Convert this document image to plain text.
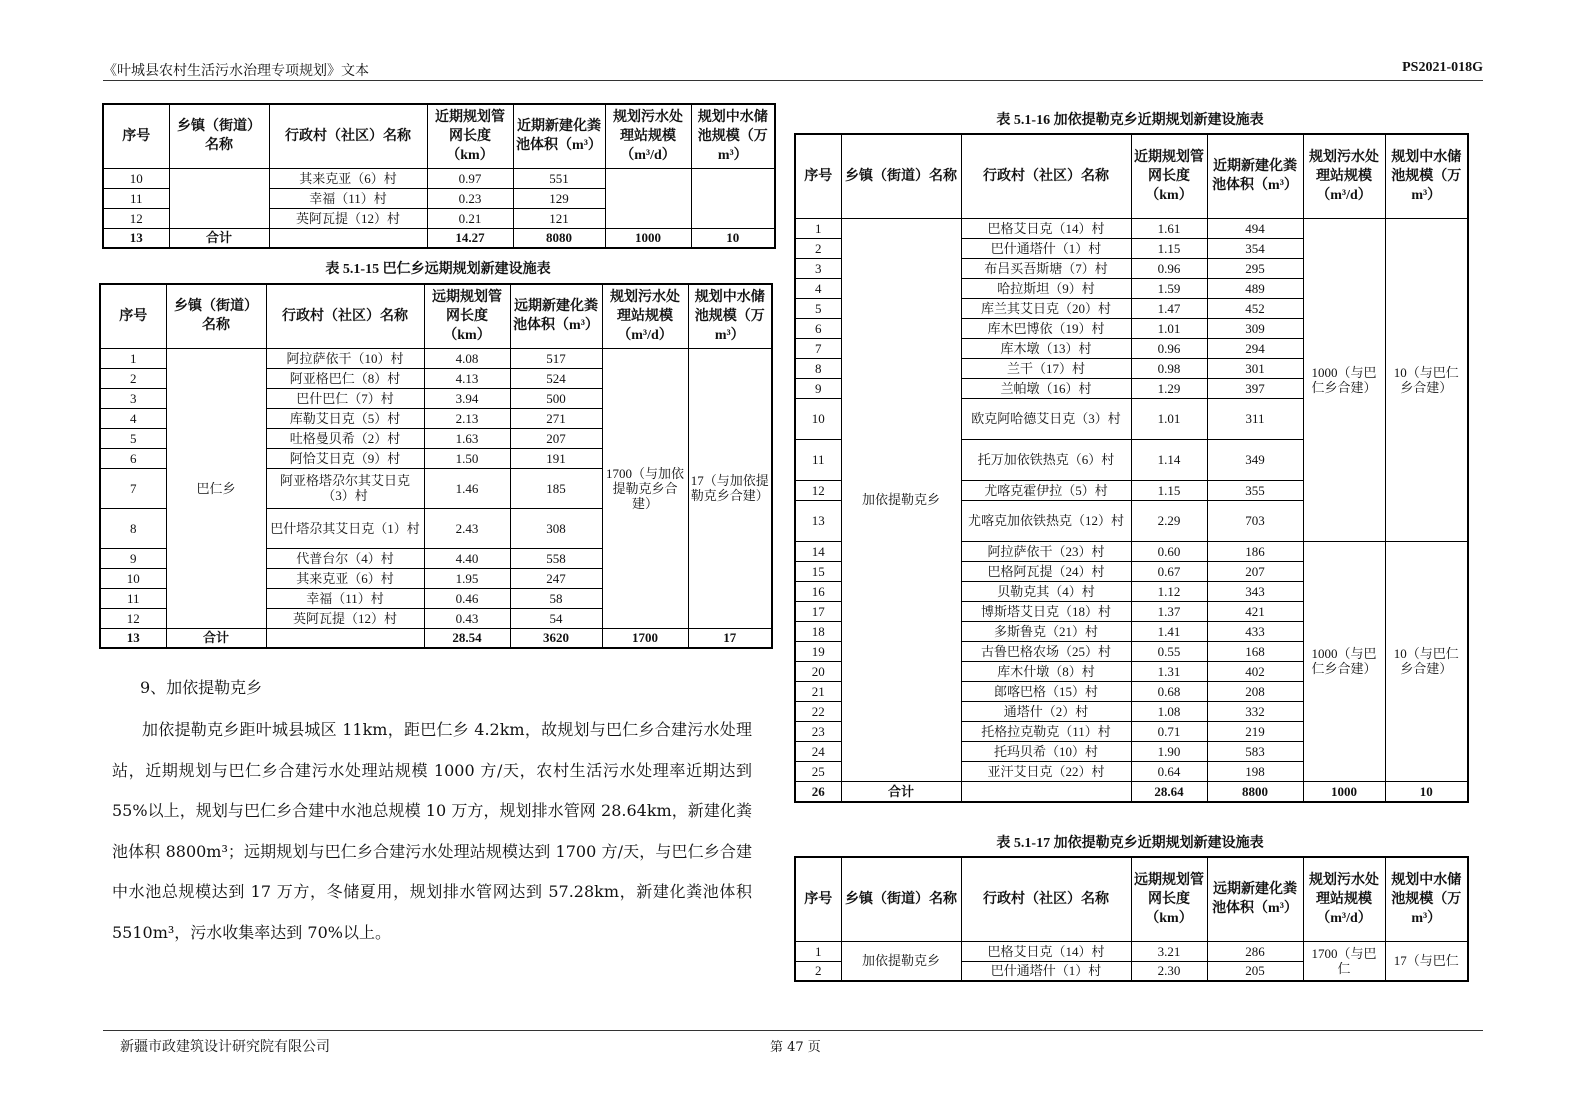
《叶城县农村生活污水治理专项规划》文本	PS2021-018G
序号	乡镇（街道）名称	行政村（社区）名称	近期规划管网长度（km）	近期新建化粪池体积（m³）	规划污水处理站规模（m³/d）	规划中水储池规模（万 m³）
10		其来克亚（6）村	0.97	551		
11		幸福（11）村	0.23	129		
12		英阿瓦提（12）村	0.21	121		
13	合计		14.27	8080	1000	10
表 5.1-15 巴仁乡远期规划新建设施表
序号	乡镇（街道）名称	行政村（社区）名称	远期规划管网长度（km）	远期新建化粪池体积（m³）	规划污水处理站规模（m³/d）	规划中水储池规模（万 m³）
1	巴仁乡	阿拉萨依干（10）村	4.08	517	1700（与加依提勒克乡合建）	17（与加依提勒克乡合建）
2		阿亚格巴仁（8）村	4.13	524		
3		巴什巴仁（7）村	3.94	500		
4		库勒艾日克（5）村	2.13	271		
5		吐格曼贝希（2）村	1.63	207		
6		阿恰艾日克（9）村	1.50	191		
7		阿亚格塔尕尔其艾日克（3）村	1.46	185		
8		巴什塔尕其艾日克（1）村	2.43	308		
9		代普台尔（4）村	4.40	558		
10		其来克亚（6）村	1.95	247		
11		幸福（11）村	0.46	58		
12		英阿瓦提（12）村	0.43	54		
13	合计		28.54	3620	1700	17
9、加依提勒克乡
加依提勒克乡距叶城县城区 11km，距巴仁乡 4.2km，故规划与巴仁乡合建污水处理站，近期规划与巴仁乡合建污水处理站规模 1000 方/天，农村生活污水处理率近期达到 55%以上，规划与巴仁乡合建中水池总规模 10 万方，规划排水管网 28.64km，新建化粪池体积 8800m³；远期规划与巴仁乡合建污水处理站规模达到 1700 方/天，与巴仁乡合建中水池总规模达到 17 万方，冬储夏用，规划排水管网达到 57.28km，新建化粪池体积 5510m³，污水收集率达到 70%以上。
表 5.1-16 加依提勒克乡近期规划新建设施表
序号	乡镇（街道）名称	行政村（社区）名称	近期规划管网长度（km）	近期新建化粪池体积（m³）	规划污水处理站规模（m³/d）	规划中水储池规模（万 m³）
1	加依提勒克乡	巴格艾日克（14）村	1.61	494	1000（与巴仁乡合建）	10（与巴仁乡合建）
2		巴什通塔什（1）村	1.15	354		
3		布吕买吾斯塘（7）村	0.96	295		
4		哈拉斯坦（9）村	1.59	489		
5		库兰其艾日克（20）村	1.47	452		
6		库木巴博依（19）村	1.01	309		
7		库木墩（13）村	0.96	294		
8		兰干（17）村	0.98	301		
9		兰帕墩（16）村	1.29	397		
10		欧克阿哈德艾日克（3）村	1.01	311		
11		托万加依铁热克（6）村	1.14	349		
12		尤喀克霍伊拉（5）村	1.15	355		
13		尤喀克加依铁热克（12）村	2.29	703		
14		阿拉萨依干（23）村	0.60	186	1000（与巴仁乡合建）	10（与巴仁乡合建）
15		巴格阿瓦提（24）村	0.67	207		
16		贝勒克其（4）村	1.12	343		
17		博斯塔艾日克（18）村	1.37	421		
18		多斯鲁克（21）村	1.41	433		
19		古鲁巴格农场（25）村	0.55	168		
20		库木什墩（8）村	1.31	402		
21		郎喀巴格（15）村	0.68	208		
22		通塔什（2）村	1.08	332		
23		托格拉克勒克（11）村	0.71	219		
24		托玛贝希（10）村	1.90	583		
25		亚汗艾日克（22）村	0.64	198		
26	合计		28.64	8800	1000	10
表 5.1-17 加依提勒克乡近期规划新建设施表
序号	乡镇（街道）名称	行政村（社区）名称	远期规划管网长度（km）	远期新建化粪池体积（m³）	规划污水处理站规模（m³/d）	规划中水储池规模（万 m³）
1	加依提勒克乡	巴格艾日克（14）村	3.21	286	1700（与巴仁	17（与巴仁
2		巴什通塔什（1）村	2.30	205		
新疆市政建筑设计研究院有限公司	第 47 页
